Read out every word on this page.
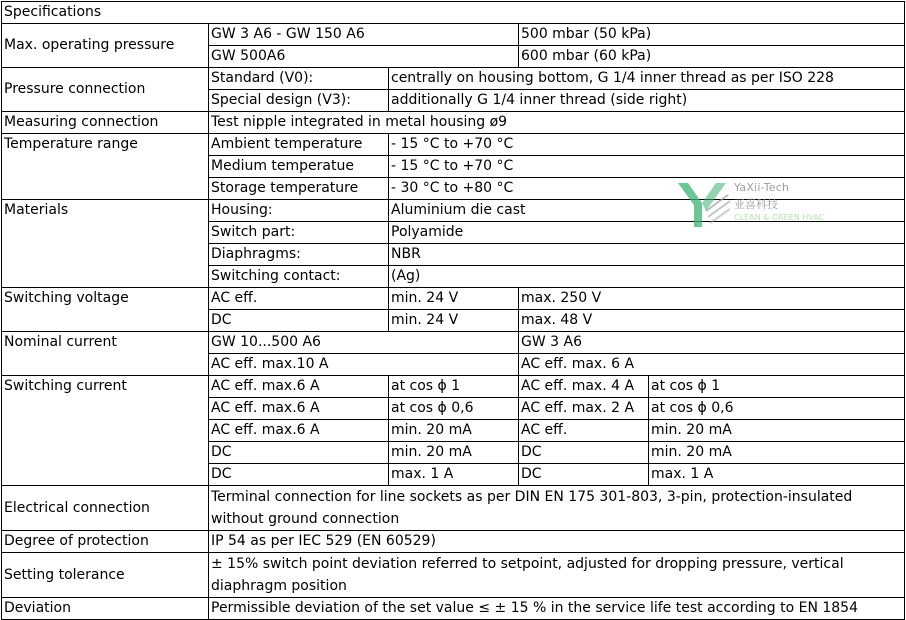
Specifications				
Max. operating pressure	GW 3 A6 - GW 150 A6		500 mbar (50 kPa)	
	GW 500A6		600 mbar (60 kPa)	
Pressure connection	Standard (V0):	centrally on housing bottom, G 1/4 inner thread as per ISO 228		
	Special design (V3):	additionally G 1/4 inner thread (side right)		
Measuring connection	Test nipple integrated in metal housing ø9			
Temperature range	Ambient temperature	- 15 °C to +70 °C		
	Medium temperatue	- 15 °C to +70 °C		
	Storage temperature	- 30 °C to +80 °C		
Materials	Housing:	Aluminium die cast		
	Switch part:	Polyamide		
	Diaphragms:	NBR		
	Switching contact:	(Ag)		
Switching voltage	AC eff.	min. 24 V	max. 250 V	
	DC	min. 24 V	max. 48 V	
Nominal current	GW 10...500 A6		GW 3 A6	
	AC eff. max.10 A		AC eff. max. 6 A	
Switching current	AC eff. max.6 A	at cos ϕ 1	AC eff. max. 4 A	at cos ϕ 1
	AC eff. max.6 A	at cos ϕ 0,6	AC eff. max. 2 A	at cos ϕ 0,6
	AC eff. max.6 A	min. 20 mA	AC eff.	min. 20 mA
	DC	min. 20 mA	DC	min. 20 mA
	DC	max. 1 A	DC	max. 1 A
Electrical connection	Terminal connection for line sockets as per DIN EN 175 301-803, 3-pin, protection-insulated without ground connection			
Degree of protection	IP 54 as per IEC 529 (EN 60529)			
Setting tolerance	± 15% switch point deviation referred to setpoint, adjusted for dropping pressure, vertical diaphragm position			
Deviation	Permissible deviation of the set value ≤ ± 15 % in the service life test according to EN 1854			
YaXii-Tech
亚喜科技
CLEAN & GREEN HVAC
